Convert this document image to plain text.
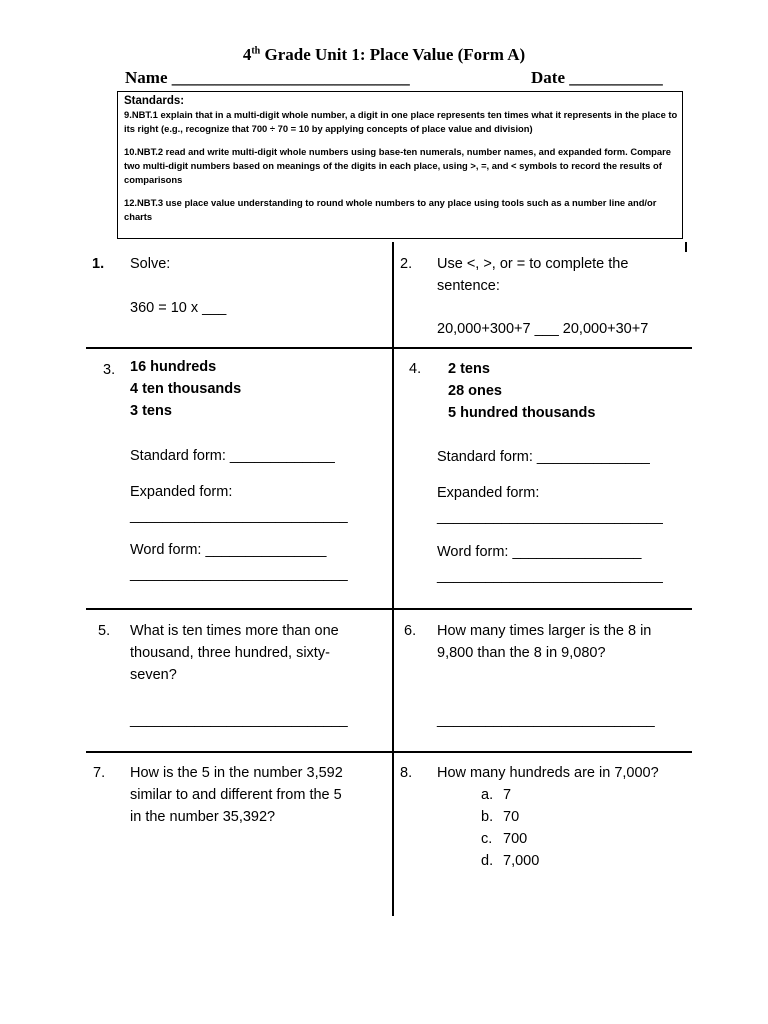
4th Grade Unit 1: Place Value (Form A)
Name ____________________________	Date ___________
Standards:

9.NBT.1 explain that in a multi-digit whole number, a digit in one place represents ten times what it represents in the place to its right (e.g., recognize that 700 ÷ 70 = 10 by applying concepts of place value and division)

10.NBT.2 read and write multi-digit whole numbers using base-ten numerals, number names, and expanded form. Compare two multi-digit numbers based on meanings of the digits in each place, using >, =, and < symbols to record the results of comparisons

12.NBT.3 use place value understanding to round whole numbers to any place using tools such as a number line and/or charts

1. Solve:
360 = 10 x ___
2. Use <, >, or = to complete the
sentence:
20,000+300+7 ___ 20,000+30+7
3. 16 hundreds
4 ten thousands
3 tens
Standard form: _____________
Expanded form:
___________________________
Word form: _______________
___________________________
4. 2 tens
28 ones
5 hundred thousands
Standard form: ______________
Expanded form:
____________________________
Word form: ________________
____________________________
5. What is ten times more than one
thousand, three hundred, sixty-
seven?
___________________________
6. How many times larger is the 8 in
9,800 than the 8 in 9,080?
___________________________
7. How is the 5 in the number 3,592
similar to and different from the 5
in the number 35,392?
8. How many hundreds are in 7,000?
a. 7
b. 70
c. 700
d. 7,000
